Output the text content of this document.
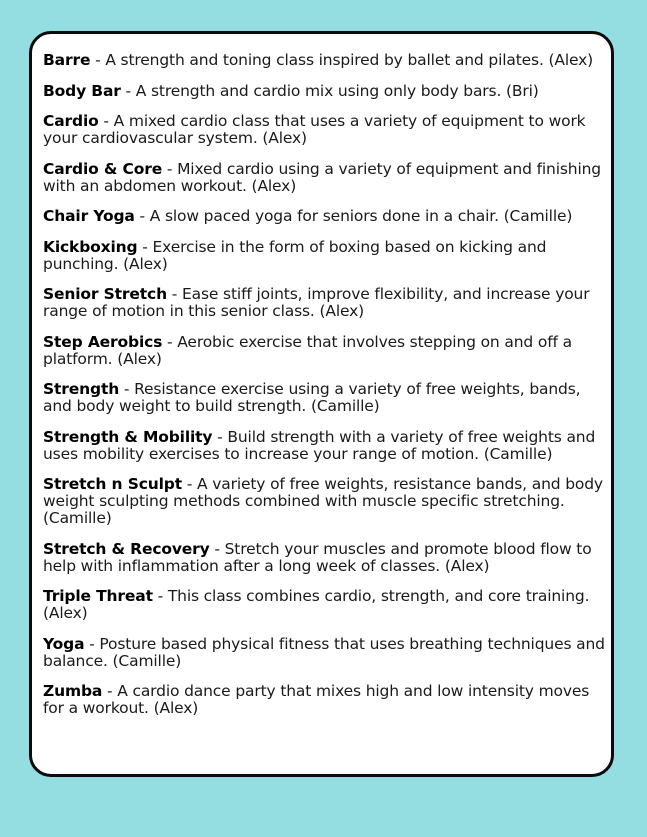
Barre - A strength and toning class inspired by ballet and pilates. (Alex)

Body Bar - A strength and cardio mix using only body bars. (Bri)

Cardio - A mixed cardio class that uses a variety of equipment to work your cardiovascular system. (Alex)

Cardio & Core - Mixed cardio using a variety of equipment and finishing with an abdomen workout. (Alex)

Chair Yoga - A slow paced yoga for seniors done in a chair. (Camille)

Kickboxing - Exercise in the form of boxing based on kicking and punching. (Alex)

Senior Stretch - Ease stiff joints, improve flexibility, and increase your range of motion in this senior class. (Alex)

Step Aerobics - Aerobic exercise that involves stepping on and off a platform. (Alex)

Strength - Resistance exercise using a variety of free weights, bands, and body weight to build strength. (Camille)

Strength & Mobility - Build strength with a variety of free weights and uses mobility exercises to increase your range of motion. (Camille)

Stretch n Sculpt - A variety of free weights, resistance bands, and body weight sculpting methods combined with muscle specific stretching. (Camille)

Stretch & Recovery - Stretch your muscles and promote blood flow to help with inflammation after a long week of classes. (Alex)

Triple Threat - This class combines cardio, strength, and core training. (Alex)

Yoga - Posture based physical fitness that uses breathing techniques and balance. (Camille)

Zumba - A cardio dance party that mixes high and low intensity moves for a workout. (Alex)
